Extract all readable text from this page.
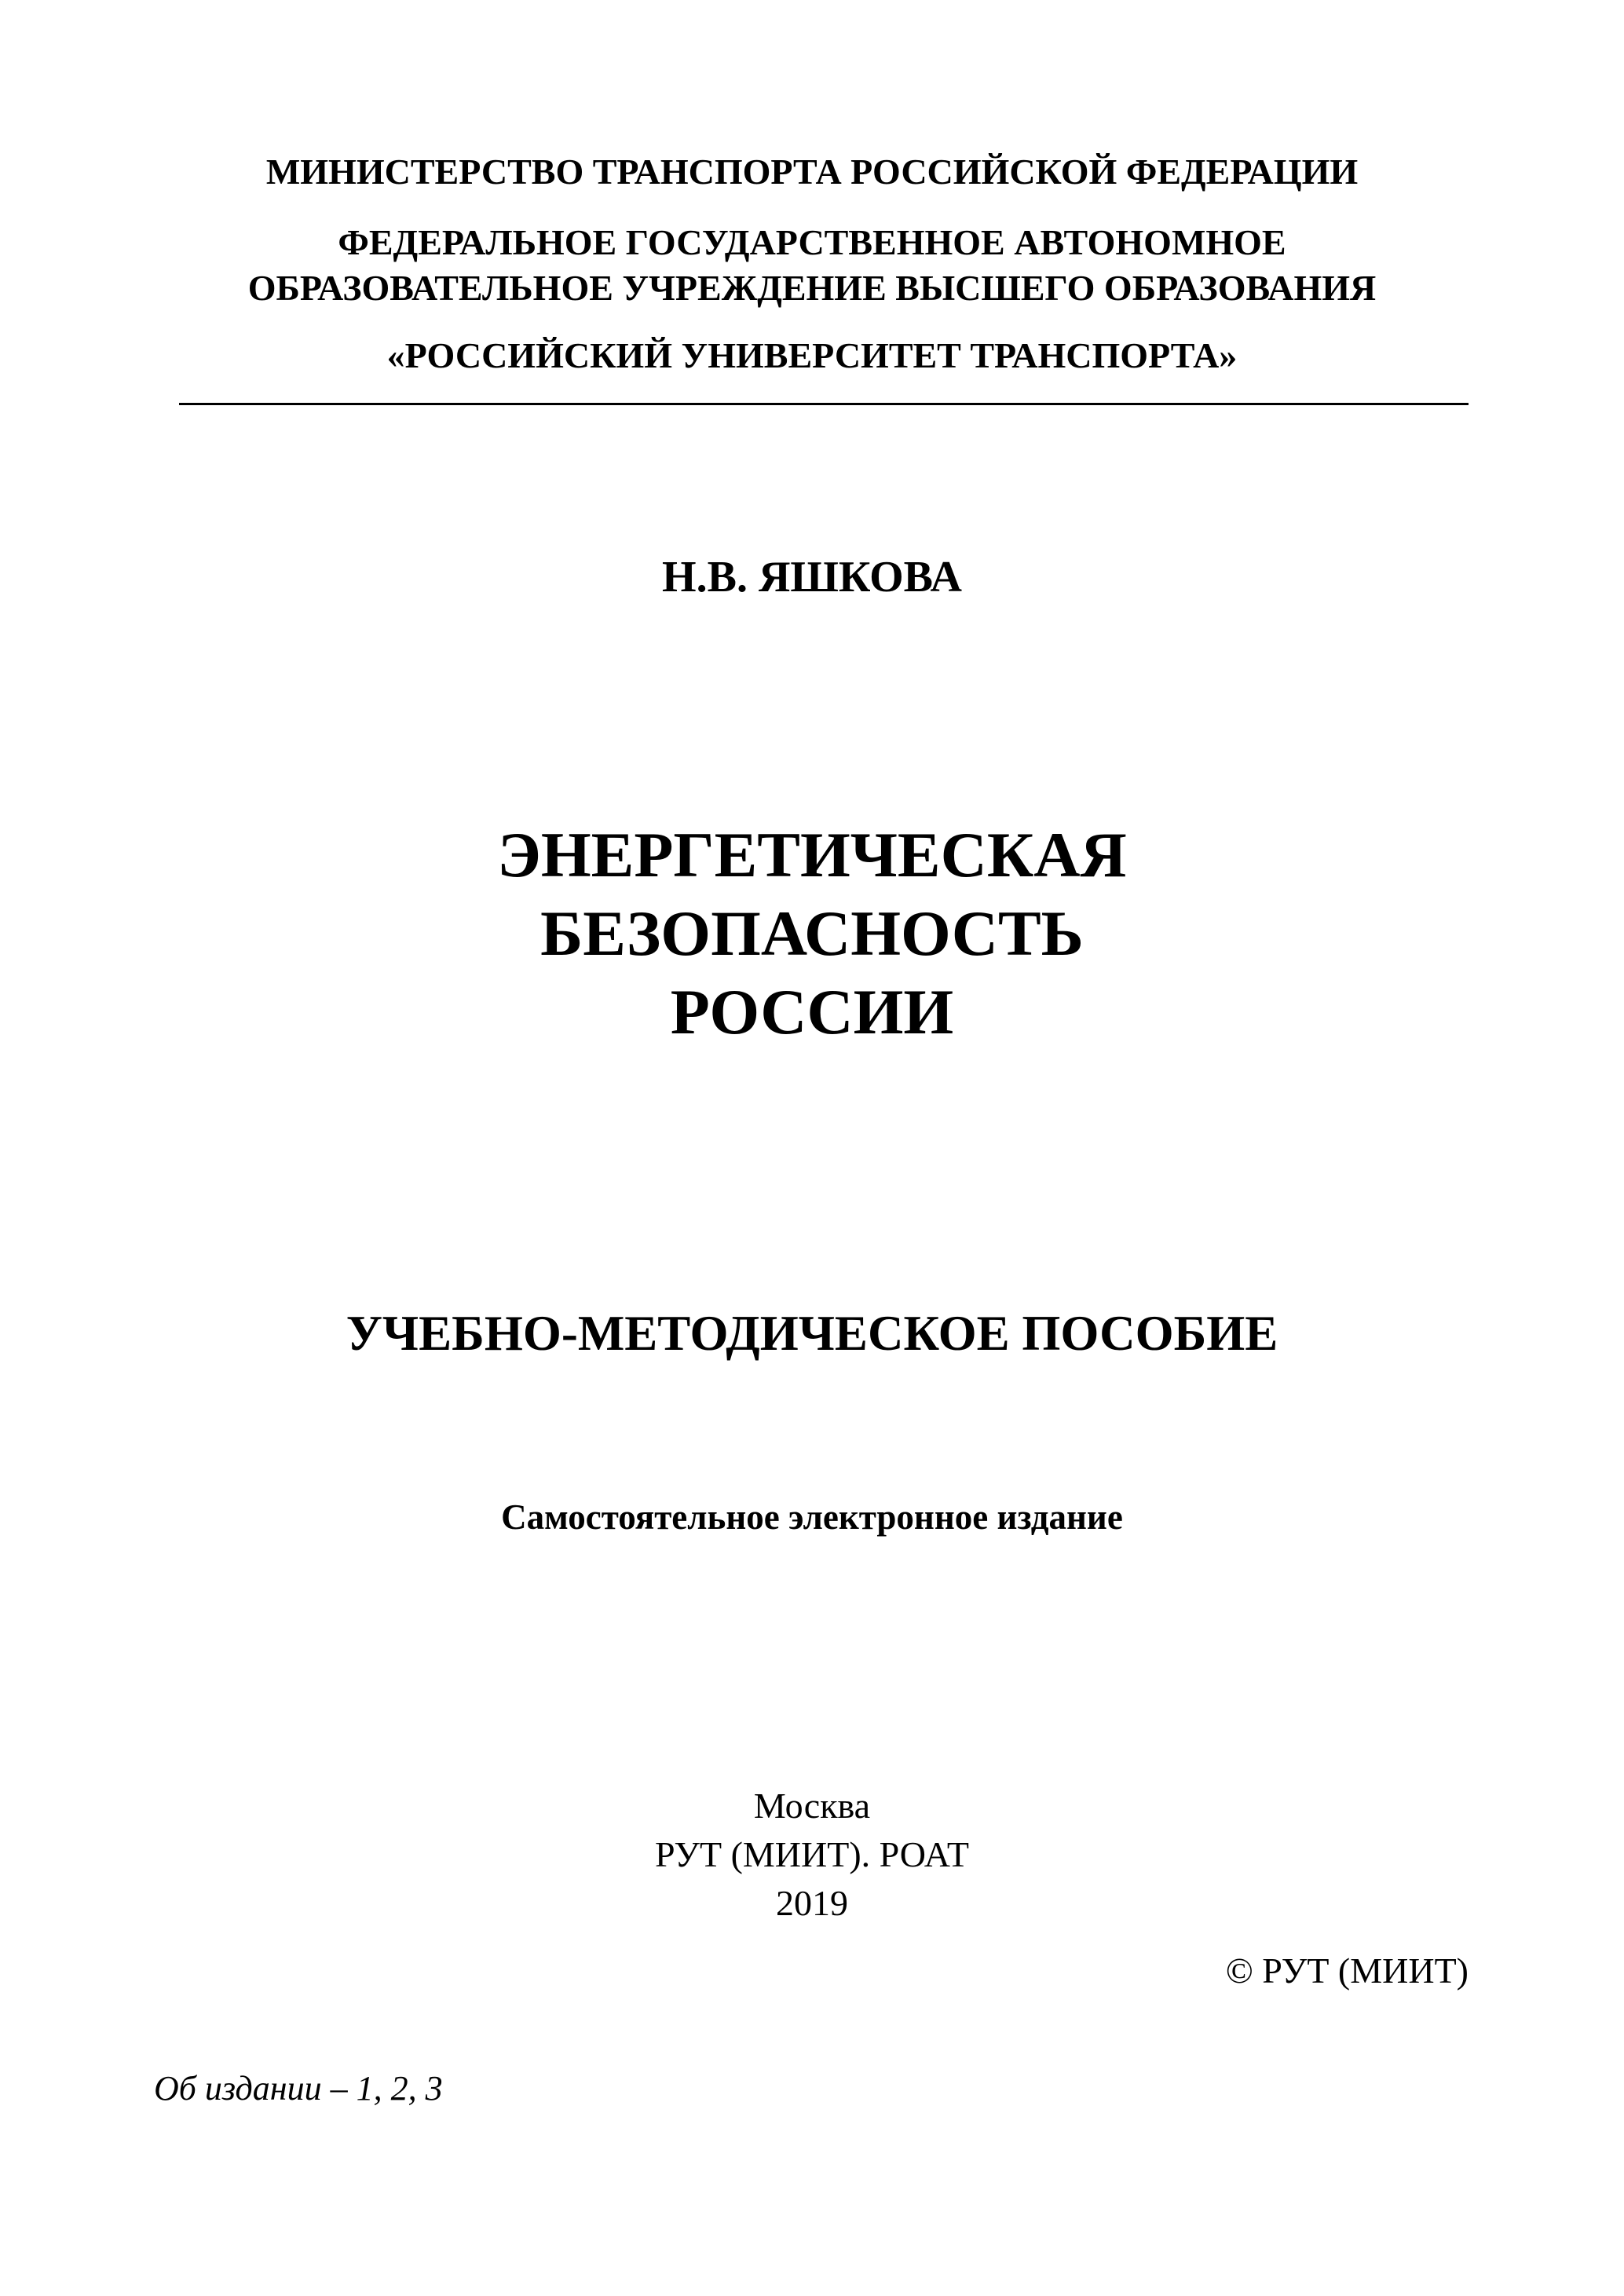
МИНИСТЕРСТВО ТРАНСПОРТА РОССИЙСКОЙ ФЕДЕРАЦИИ

ФЕДЕРАЛЬНОЕ ГОСУДАРСТВЕННОЕ АВТОНОМНОЕ

ОБРАЗОВАТЕЛЬНОЕ УЧРЕЖДЕНИЕ ВЫСШЕГО ОБРАЗОВАНИЯ

«РОССИЙСКИЙ УНИВЕРСИТЕТ ТРАНСПОРТА»

Н.В. ЯШКОВА

ЭНЕРГЕТИЧЕСКАЯ

БЕЗОПАСНОСТЬ

РОССИИ

УЧЕБНО-МЕТОДИЧЕСКОЕ ПОСОБИЕ

Самостоятельное электронное издание

Москва

РУТ (МИИТ). РОАТ

2019

© РУТ (МИИТ)

Об издании – 1, 2, 3
